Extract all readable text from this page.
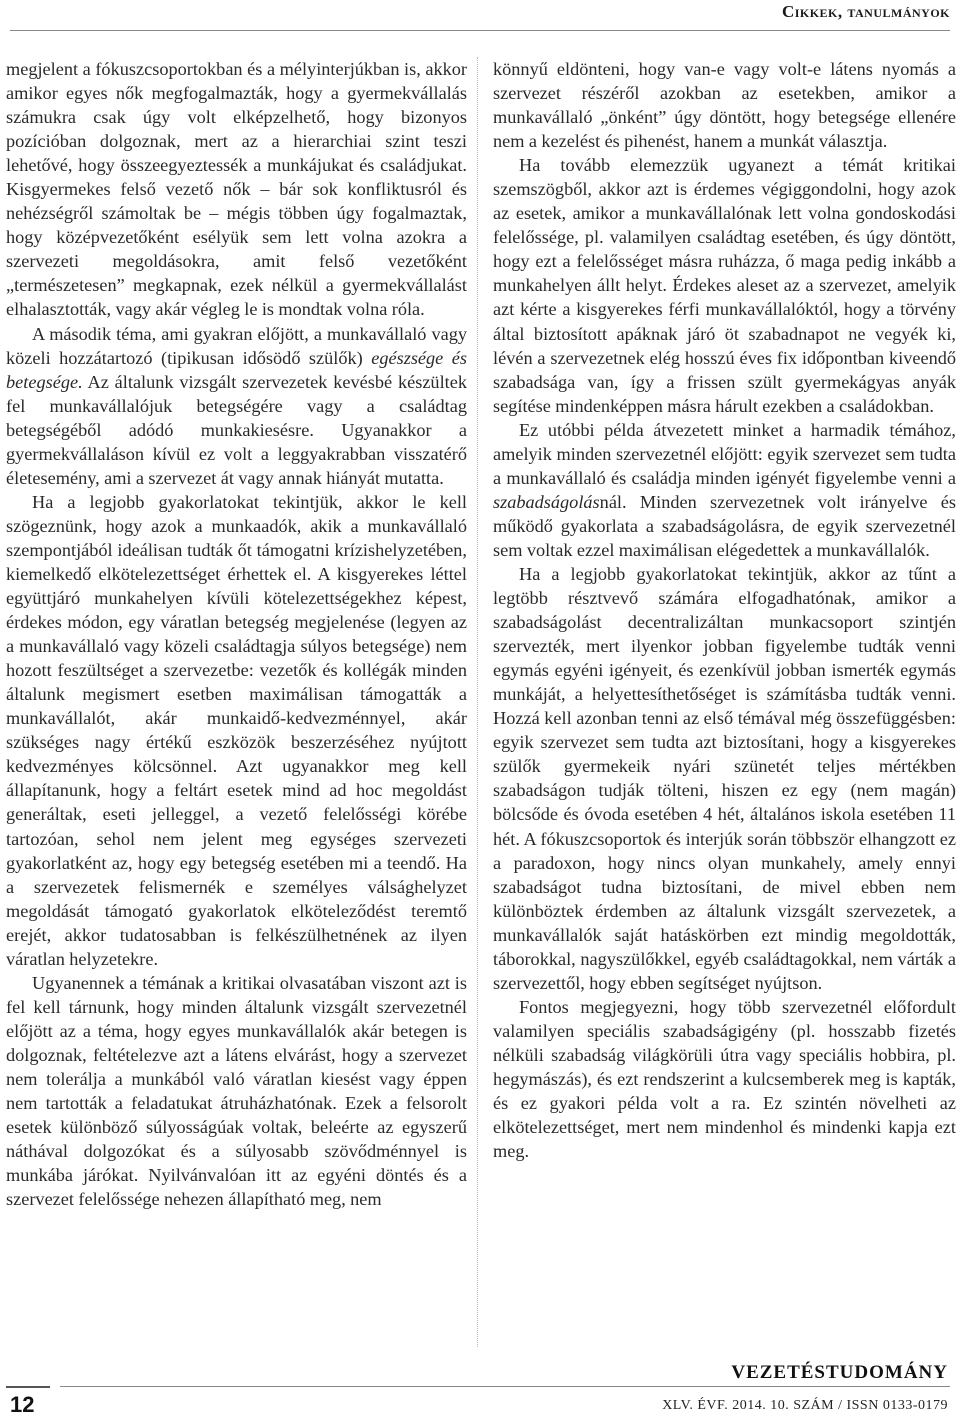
Cikkek, tanulmányok

megjelent a fókuszcsoportokban és a mélyinterjúkban is, akkor amikor egyes nők megfogalmazták, hogy a gyermekvállalás számukra csak úgy volt elképzelhető, hogy bizonyos pozícióban dolgoznak, mert az a hierarchiai szint teszi lehetővé, hogy összeegyeztessék a munkájukat és családjukat. Kisgyermekes felső vezető nők – bár sok konfliktusról és nehézségről számoltak be – mégis többen úgy fogalmaztak, hogy középvezetőként esélyük sem lett volna azokra a szervezeti megoldásokra, amit felső vezetőként „természetesen” megkapnak, ezek nélkül a gyermekvállalást elhalasztották, vagy akár végleg le is mondtak volna róla.

A második téma, ami gyakran előjött, a munkavállaló vagy közeli hozzátartozó (tipikusan idősödő szülők) egészsége és betegsége. Az általunk vizsgált szervezetek kevésbé készültek fel munkavállalójuk betegségére vagy a családtag betegségéből adódó munkakiesésre. Ugyanakkor a gyermekvállaláson kívül ez volt a leggyakrabban visszatérő életesemény, ami a szervezet át vagy annak hiányát mutatta.

Ha a legjobb gyakorlatokat tekintjük, akkor le kell szögeznünk, hogy azok a munkaadók, akik a munkavállaló szempontjából ideálisan tudták őt támogatni krízishelyzetében, kiemelkedő elkötelezettséget érhettek el. A kisgyerekes léttel együttjáró munkahelyen kívüli kötelezettségekhez képest, érdekes módon, egy váratlan betegség megjelenése (legyen az a munkavállaló vagy közeli családtagja súlyos betegsége) nem hozott feszültséget a szervezetbe: vezetők és kollégák minden általunk megismert esetben maximálisan támogatták a munkavállalót, akár munkaidő-kedvezménnyel, akár szükséges nagy értékű eszközök beszerzéséhez nyújtott kedvezményes kölcsönnel. Azt ugyanakkor meg kell állapítanunk, hogy a feltárt esetek mind ad hoc megoldást generáltak, eseti jelleggel, a vezető felelősségi körébe tartozóan, sehol nem jelent meg egységes szervezeti gyakorlatként az, hogy egy betegség esetében mi a teendő. Ha a szervezetek felismernék e személyes válsághelyzet megoldását támogató gyakorlatok elköteleződést teremtő erejét, akkor tudatosabban is felkészülhetnének az ilyen váratlan helyzetekre.

Ugyanennek a témának a kritikai olvasatában viszont azt is fel kell tárnunk, hogy minden általunk vizsgált szervezetnél előjött az a téma, hogy egyes munkavállalók akár betegen is dolgoznak, feltételezve azt a látens elvárást, hogy a szervezet nem tolerálja a munkából való váratlan kiesést vagy éppen nem tartották a feladatukat átruházhatónak. Ezek a felsorolt esetek különböző súlyosságúak voltak, beleérte az egyszerű náthával dolgozókat és a súlyosabb szövődménnyel is munkába járókat. Nyilvánvalóan itt az egyéni döntés és a szervezet felelőssége nehezen állapítható meg, nem

könnyű eldönteni, hogy van-e vagy volt-e látens nyomás a szervezet részéről azokban az esetekben, amikor a munkavállaló „önként” úgy döntött, hogy betegsége ellenére nem a kezelést és pihenést, hanem a munkát választja.

Ha tovább elemezzük ugyanezt a témát kritikai szemszögből, akkor azt is érdemes végiggondolni, hogy azok az esetek, amikor a munkavállalónak lett volna gondoskodási felelőssége, pl. valamilyen családtag esetében, és úgy döntött, hogy ezt a felelősséget másra ruházza, ő maga pedig inkább a munkahelyen állt helyt. Érdekes aleset az a szervezet, amelyik azt kérte a kisgyerekes férfi munkavállalóktól, hogy a törvény által biztosított apáknak járó öt szabadnapot ne vegyék ki, lévén a szervezetnek elég hosszú éves fix időpontban kiveendő szabadsága van, így a frissen szült gyermekágyas anyák segítése mindenképpen másra hárult ezekben a családokban.

Ez utóbbi példa átvezetett minket a harmadik témához, amelyik minden szervezetnél előjött: egyik szervezet sem tudta a munkavállaló és családja minden igényét figyelembe venni a szabadságolásnál. Minden szervezetnek volt irányelve és működő gyakorlata a szabadságolásra, de egyik szervezetnél sem voltak ezzel maximálisan elégedettek a munkavállalók.

Ha a legjobb gyakorlatokat tekintjük, akkor az tűnt a legtöbb résztvevő számára elfogadhatónak, amikor a szabadságolást decentralizáltan munkacsoport szintjén szervezték, mert ilyenkor jobban figyelembe tudták venni egymás egyéni igényeit, és ezenkívül jobban ismerték egymás munkáját, a helyettesíthetőséget is számításba tudták venni. Hozzá kell azonban tenni az első témával még összefüggésben: egyik szervezet sem tudta azt biztosítani, hogy a kisgyerekes szülők gyermekeik nyári szünetét teljes mértékben szabadságon tudják tölteni, hiszen ez egy (nem magán) bölcsőde és óvoda esetében 4 hét, általános iskola esetében 11 hét. A fókuszcsoportok és interjúk során többször elhangzott ez a paradoxon, hogy nincs olyan munkahely, amely ennyi szabadságot tudna biztosítani, de mivel ebben nem különböztek érdemben az általunk vizsgált szervezetek, a munkavállalók saját hatáskörben ezt mindig megoldották, táborokkal, nagyszülőkkel, egyéb családtagokkal, nem várták a szervezettől, hogy ebben segítséget nyújtson.

Fontos megjegyezni, hogy több szervezetnél előfordult valamilyen speciális szabadságigény (pl. hosszabb fizetés nélküli szabadság világkörüli útra vagy speciális hobbira, pl. hegymászás), és ezt rendszerint a kulcsemberek meg is kapták, és ez gyakori példa volt a ra. Ez szintén növelheti az elkötelezettséget, mert nem mindenhol és mindenki kapja ezt meg.

VEZETÉSTUDOMÁNY
12	XLV. ÉVF. 2014. 10. SZÁM / ISSN 0133-0179
